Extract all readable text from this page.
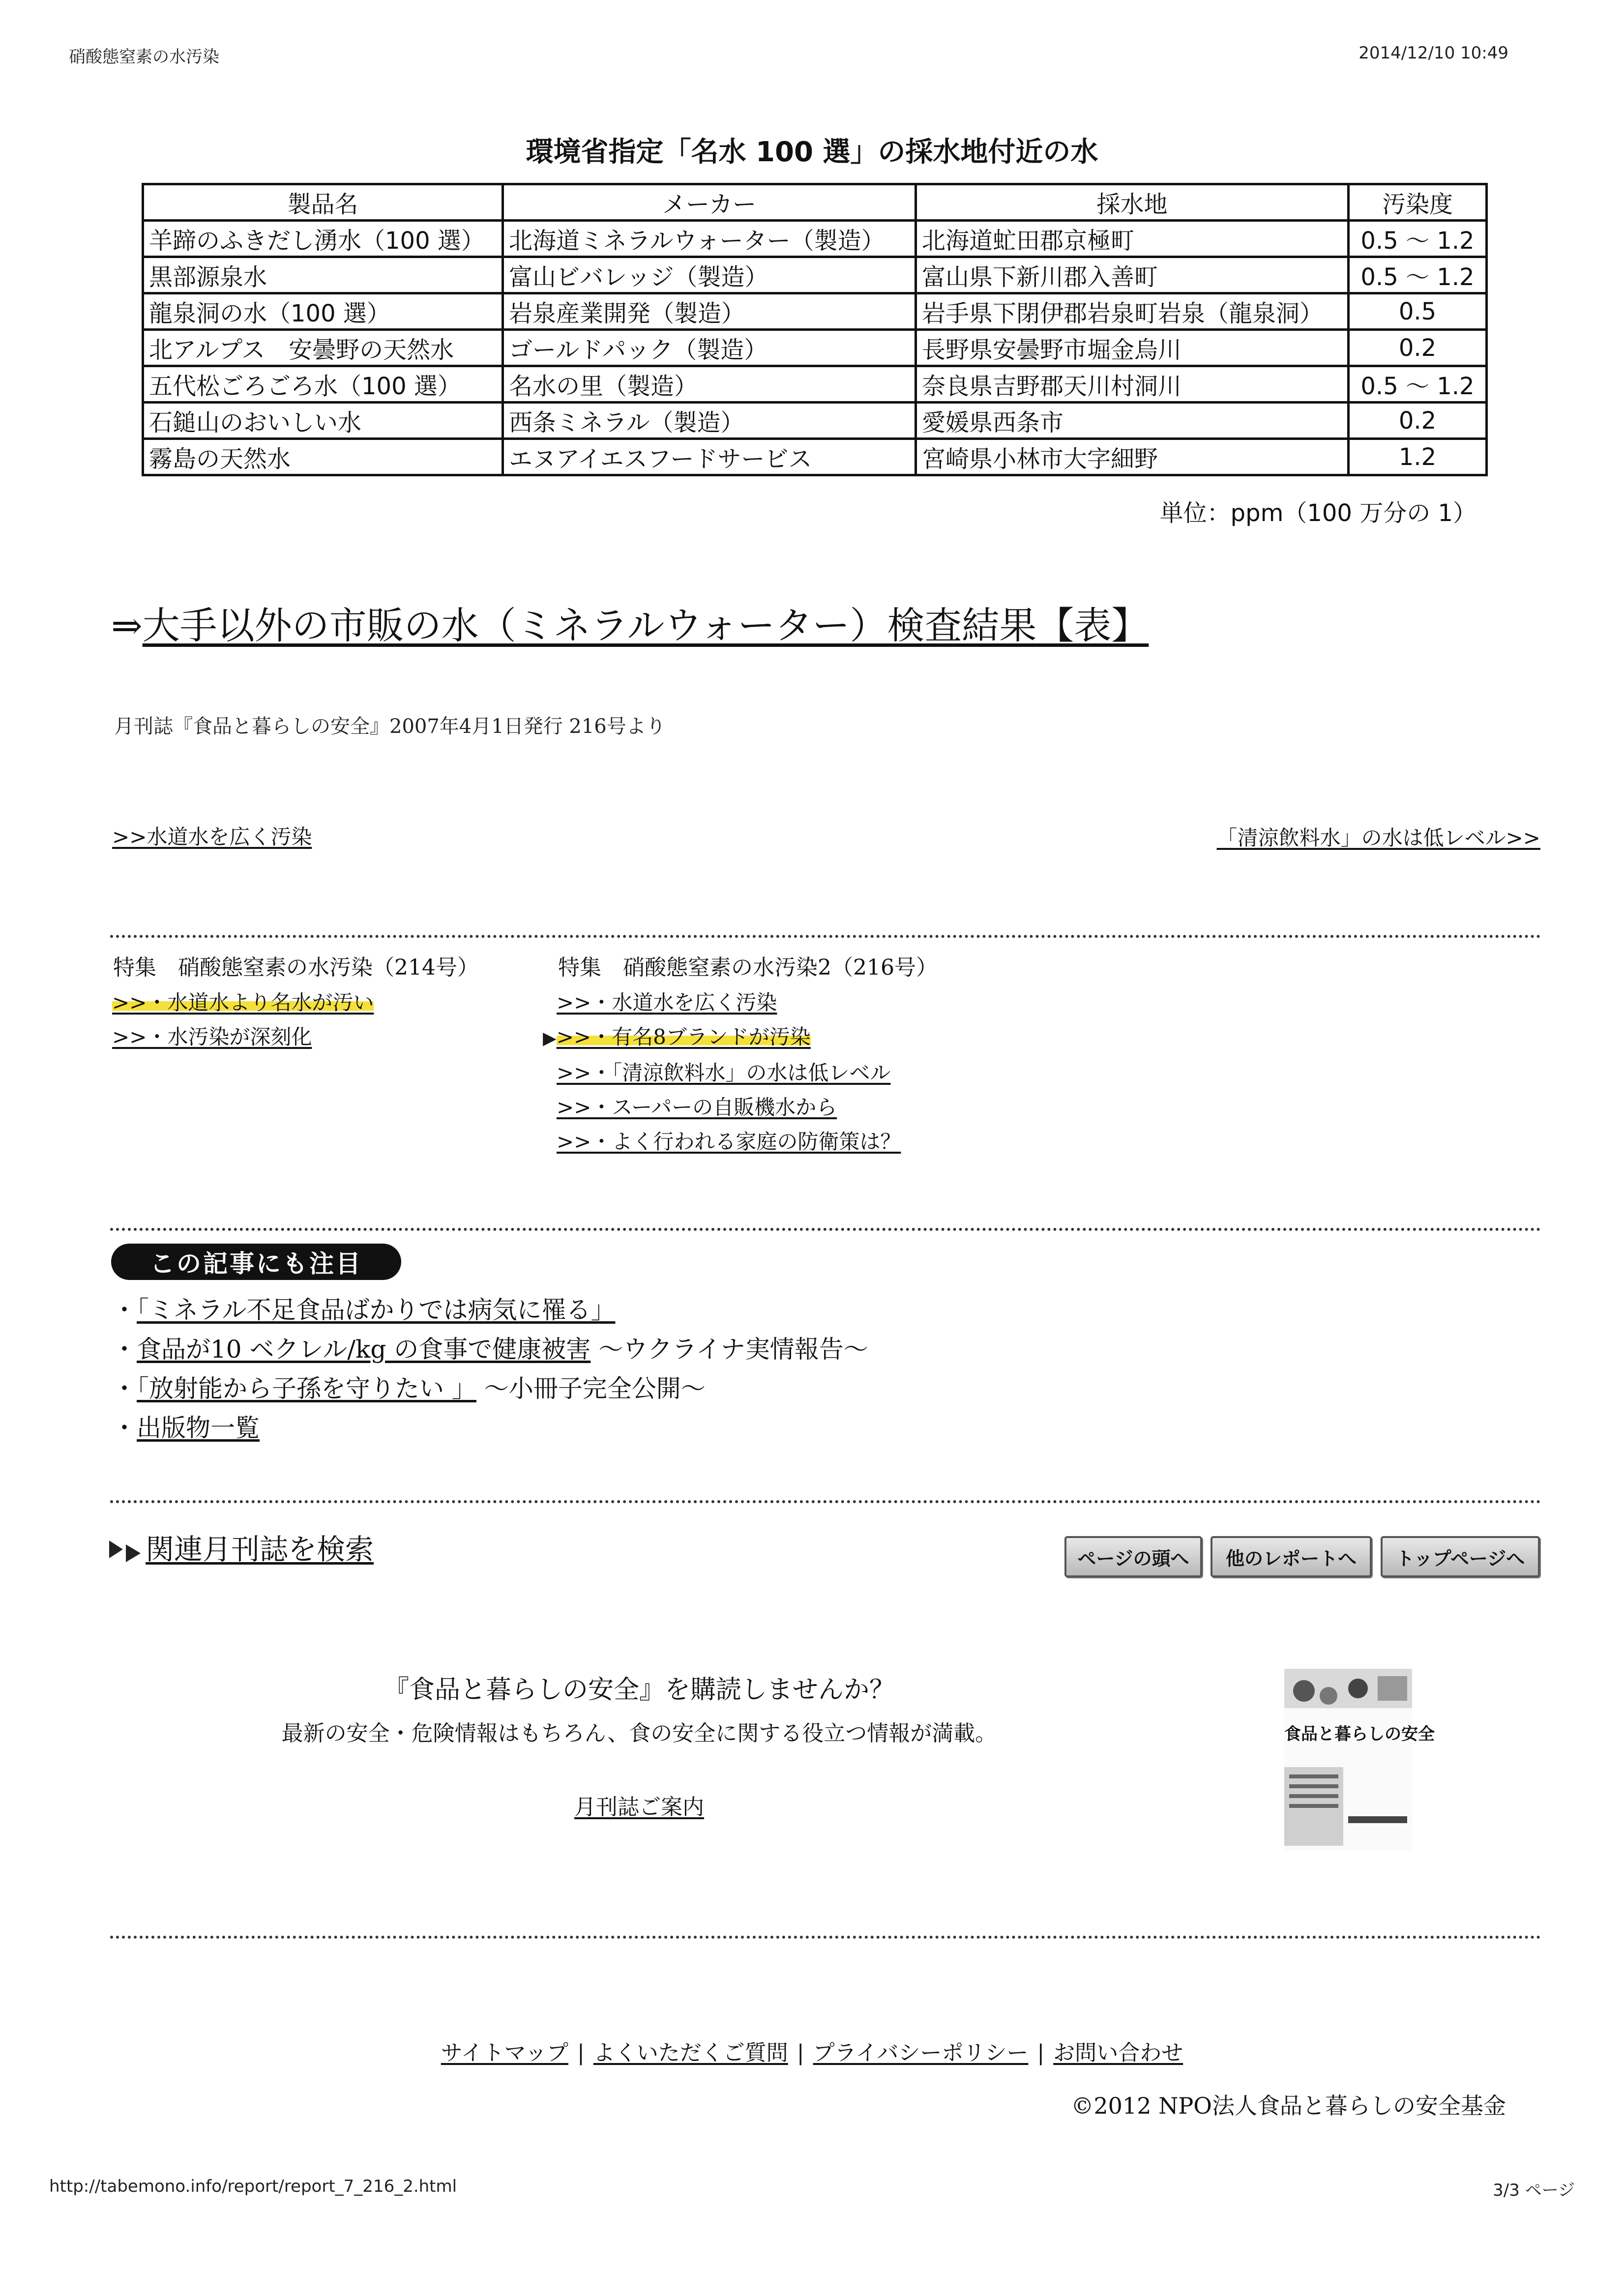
硝酸態窒素の水汚染	2014/12/10 10:49
環境省指定「名水 100 選」の採水地付近の水
製品名	メーカー	採水地	汚染度
羊蹄のふきだし湧水（100 選）	北海道ミネラルウォーター（製造）	北海道虻田郡京極町	0.5 ～ 1.2
黒部源泉水	富山ビバレッジ（製造）	富山県下新川郡入善町	0.5 ～ 1.2
龍泉洞の水（100 選）	岩泉産業開発（製造）	岩手県下閉伊郡岩泉町岩泉（龍泉洞）	0.5
北アルプス　安曇野の天然水	ゴールドパック（製造）	長野県安曇野市堀金烏川	0.2
五代松ごろごろ水（100 選）	名水の里（製造）	奈良県吉野郡天川村洞川	0.5 ～ 1.2
石鎚山のおいしい水	西条ミネラル（製造）	愛媛県西条市	0.2
霧島の天然水	エヌアイエスフードサービス	宮崎県小林市大字細野	1.2
単位：ppm（100 万分の 1）
⇒大手以外の市販の水（ミネラルウォーター）検査結果【表】
月刊誌『食品と暮らしの安全』2007年4月1日発行 216号より
>>水道水を広く汚染	「清涼飲料水」の水は低レベル>>
特集　硝酸態窒素の水汚染（214号）
>>・水道水より名水が汚い
>>・水汚染が深刻化
特集　硝酸態窒素の水汚染2（216号）
>>・水道水を広く汚染
▶>>・有名8ブランドが汚染
>>・「清涼飲料水」の水は低レベル
>>・スーパーの自販機水から
>>・よく行われる家庭の防衛策は？
この記事にも注目
・「ミネラル不足食品ばかりでは病気に罹る」
・食品が10 ベクレル/kg の食事で健康被害 ～ウクライナ実情報告～
・「放射能から子孫を守りたい 」 ～小冊子完全公開～
・出版物一覧
関連月刊誌を検索	ページの頭へ	他のレポートへ	トップページへ
『食品と暮らしの安全』を購読しませんか？
最新の安全・危険情報はもちろん、食の安全に関する役立つ情報が満載。
月刊誌ご案内
食品と暮らしの安全
サイトマップ | よくいただくご質問 | プライバシーポリシー | お問い合わせ
©2012 NPO法人食品と暮らしの安全基金
http://tabemono.info/report/report_7_216_2.html	3/3 ページ
